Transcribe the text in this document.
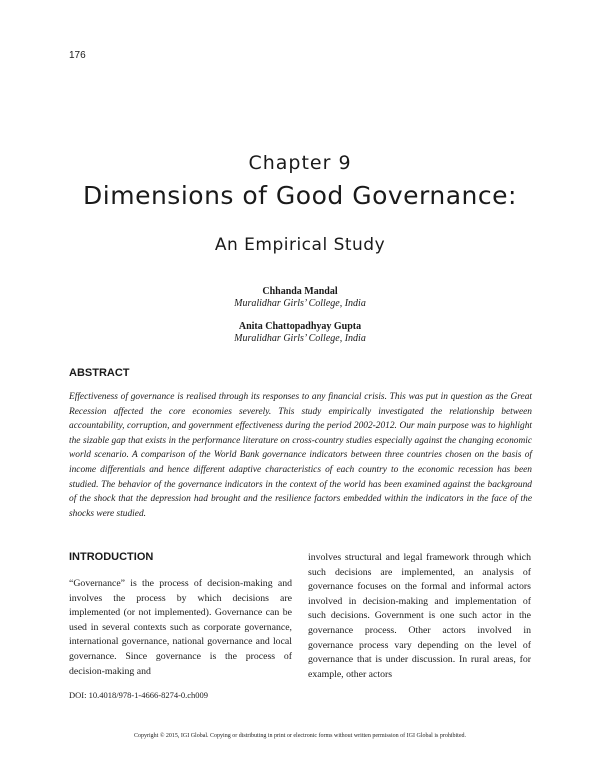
176
Chapter 9
Dimensions of Good Governance:
An Empirical Study
Chhanda Mandal
Muralidhar Girls’ College, India
Anita Chattopadhyay Gupta
Muralidhar Girls’ College, India
ABSTRACT
Effectiveness of governance is realised through its responses to any financial crisis. This was put in question as the Great Recession affected the core economies severely. This study empirically investigated the relationship between accountability, corruption, and government effectiveness during the period 2002-2012. Our main purpose was to highlight the sizable gap that exists in the performance literature on cross-country studies especially against the changing economic world scenario. A comparison of the World Bank governance indicators between three countries chosen on the basis of income differentials and hence different adaptive characteristics of each country to the economic recession has been studied. The behavior of the governance indicators in the context of the world has been examined against the background of the shock that the depression had brought and the resilience factors embedded within the indicators in the face of the shocks were studied.
INTRODUCTION
“Governance” is the process of decision-making and involves the process by which decisions are implemented (or not implemented). Governance can be used in several contexts such as corporate governance, international governance, national governance and local governance. Since governance is the process of decision-making and
involves structural and legal framework through which such decisions are implemented, an analysis of governance focuses on the formal and informal actors involved in decision-making and implementation of such decisions. Government is one such actor in the governance process. Other actors involved in governance process vary depending on the level of governance that is under discussion. In rural areas, for example, other actors
DOI: 10.4018/978-1-4666-8274-0.ch009
Copyright © 2015, IGI Global. Copying or distributing in print or electronic forms without written permission of IGI Global is prohibited.
